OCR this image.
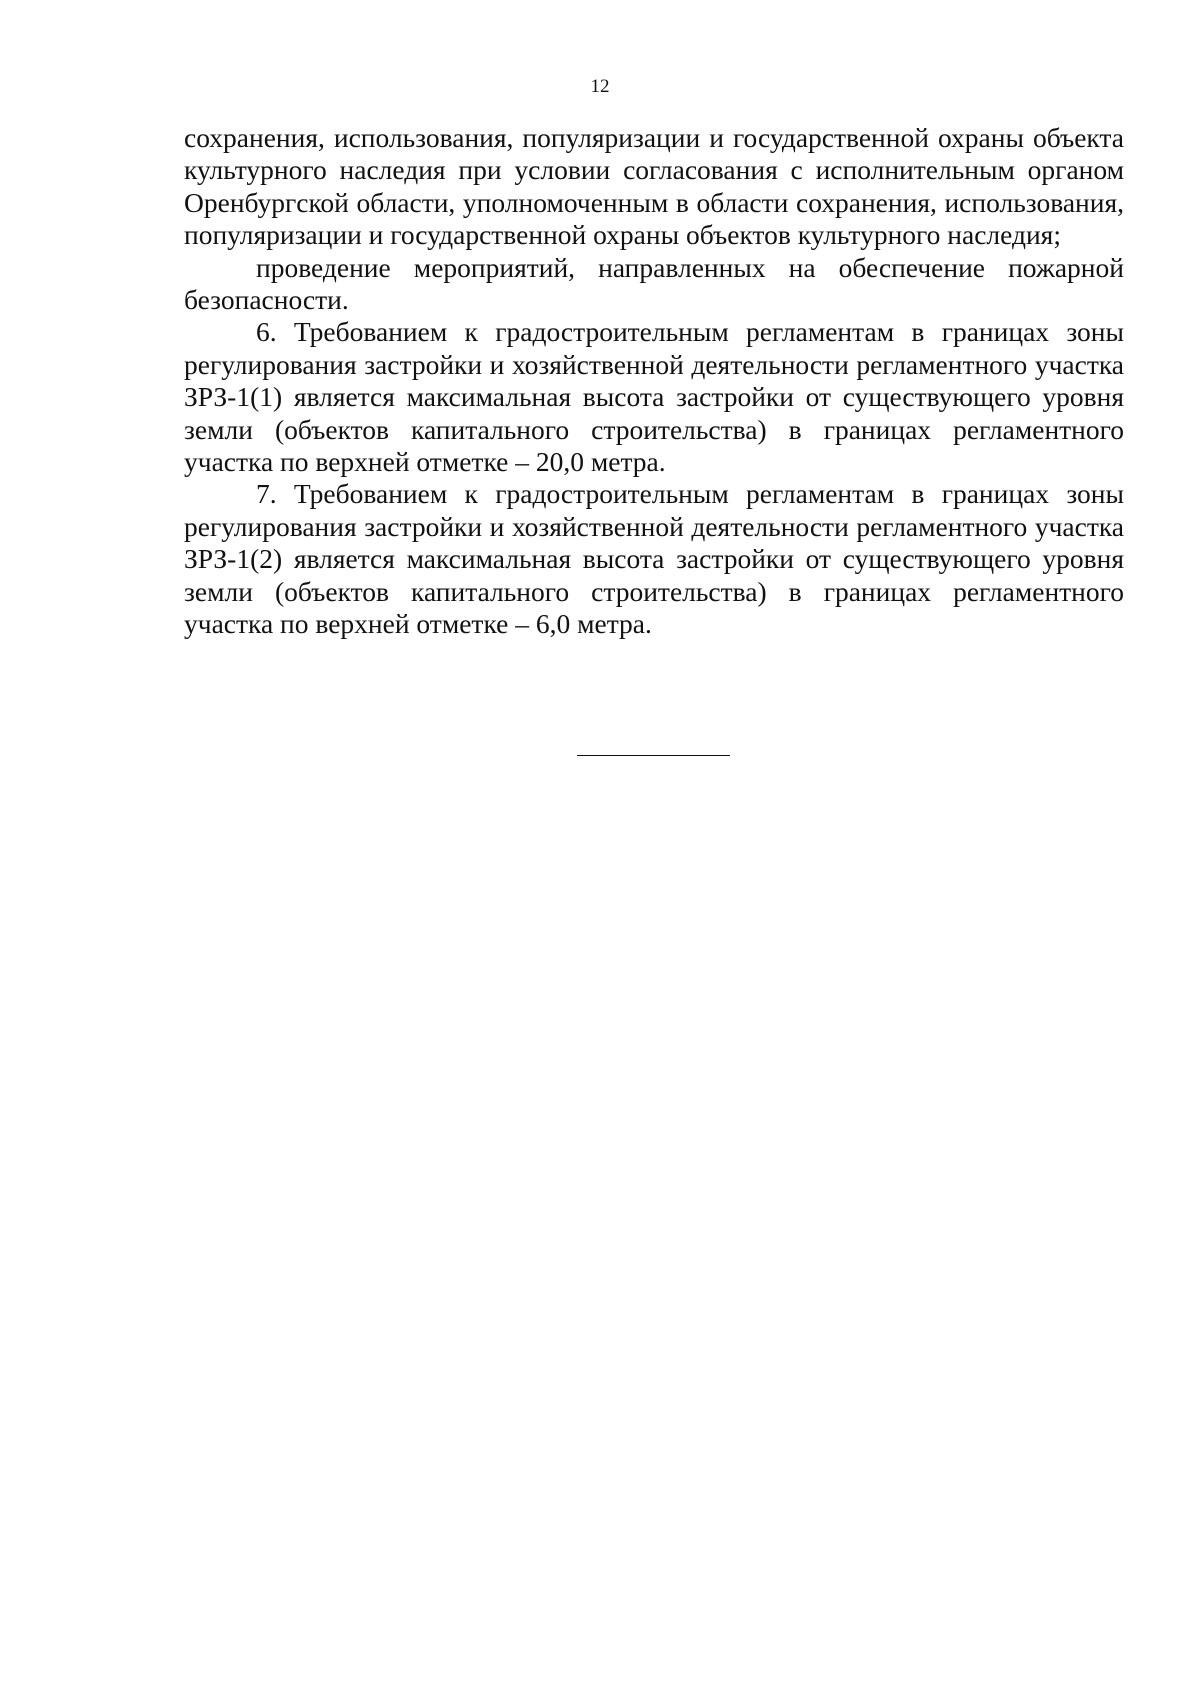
12

сохранения, использования, популяризации и государственной охраны объекта культурного наследия при условии согласования с исполнительным органом Оренбургской области, уполномоченным в области сохранения, использования, популяризации и государственной охраны объектов культурного наследия;

проведение мероприятий, направленных на обеспечение пожарной безопасности.

6. Требованием к градостроительным регламентам в границах зоны регулирования застройки и хозяйственной деятельности регламентного участка ЗРЗ-1(1) является максимальная высота застройки от существующего уровня земли (объектов капитального строительства) в границах регламентного участка по верхней отметке – 20,0 метра.

7. Требованием к градостроительным регламентам в границах зоны регулирования застройки и хозяйственной деятельности регламентного участка ЗРЗ-1(2) является максимальная высота застройки от существующего уровня земли (объектов капитального строительства) в границах регламентного участка по верхней отметке – 6,0 метра.
